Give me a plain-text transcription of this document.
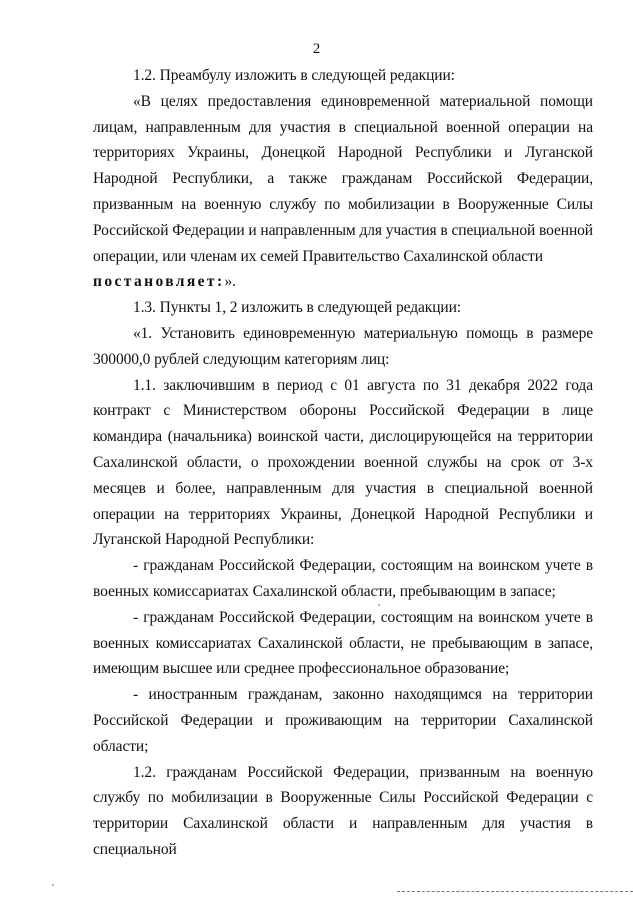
2

1.2. Преамбулу изложить в следующей редакции:

«В целях предоставления единовременной материальной помощи лицам, направленным для участия в специальной военной операции на территориях Украины, Донецкой Народной Республики и Луганской Народной Республики, а также гражданам Российской Федерации, призванным на военную службу по мобилизации в Вооруженные Силы Российской Федерации и направленным для участия в специальной военной операции, или членам их семей Правительство Сахалинской области
постановляет:».

1.3. Пункты 1, 2 изложить в следующей редакции:

«1. Установить единовременную материальную помощь в размере 300000,0 рублей следующим категориям лиц:

1.1. заключившим в период с 01 августа по 31 декабря 2022 года контракт с Министерством обороны Российской Федерации в лице командира (начальника) воинской части, дислоцирующейся на территории Сахалинской области, о прохождении военной службы на срок от 3-х месяцев и более, направленным для участия в специальной военной операции на территориях Украины, Донецкой Народной Республики и Луганской Народной Республики:

- гражданам Российской Федерации, состоящим на воинском учете в военных комиссариатах Сахалинской области, пребывающим в запасе;

- гражданам Российской Федерации, состоящим на воинском учете в военных комиссариатах Сахалинской области, не пребывающим в запасе, имеющим высшее или среднее профессиональное образование;

- иностранным гражданам, законно находящимся на территории Российской Федерации и проживающим на территории Сахалинской области;

1.2. гражданам Российской Федерации, призванным на военную службу по мобилизации в Вооруженные Силы Российской Федерации с территории Сахалинской области и направленным для участия в специальной
